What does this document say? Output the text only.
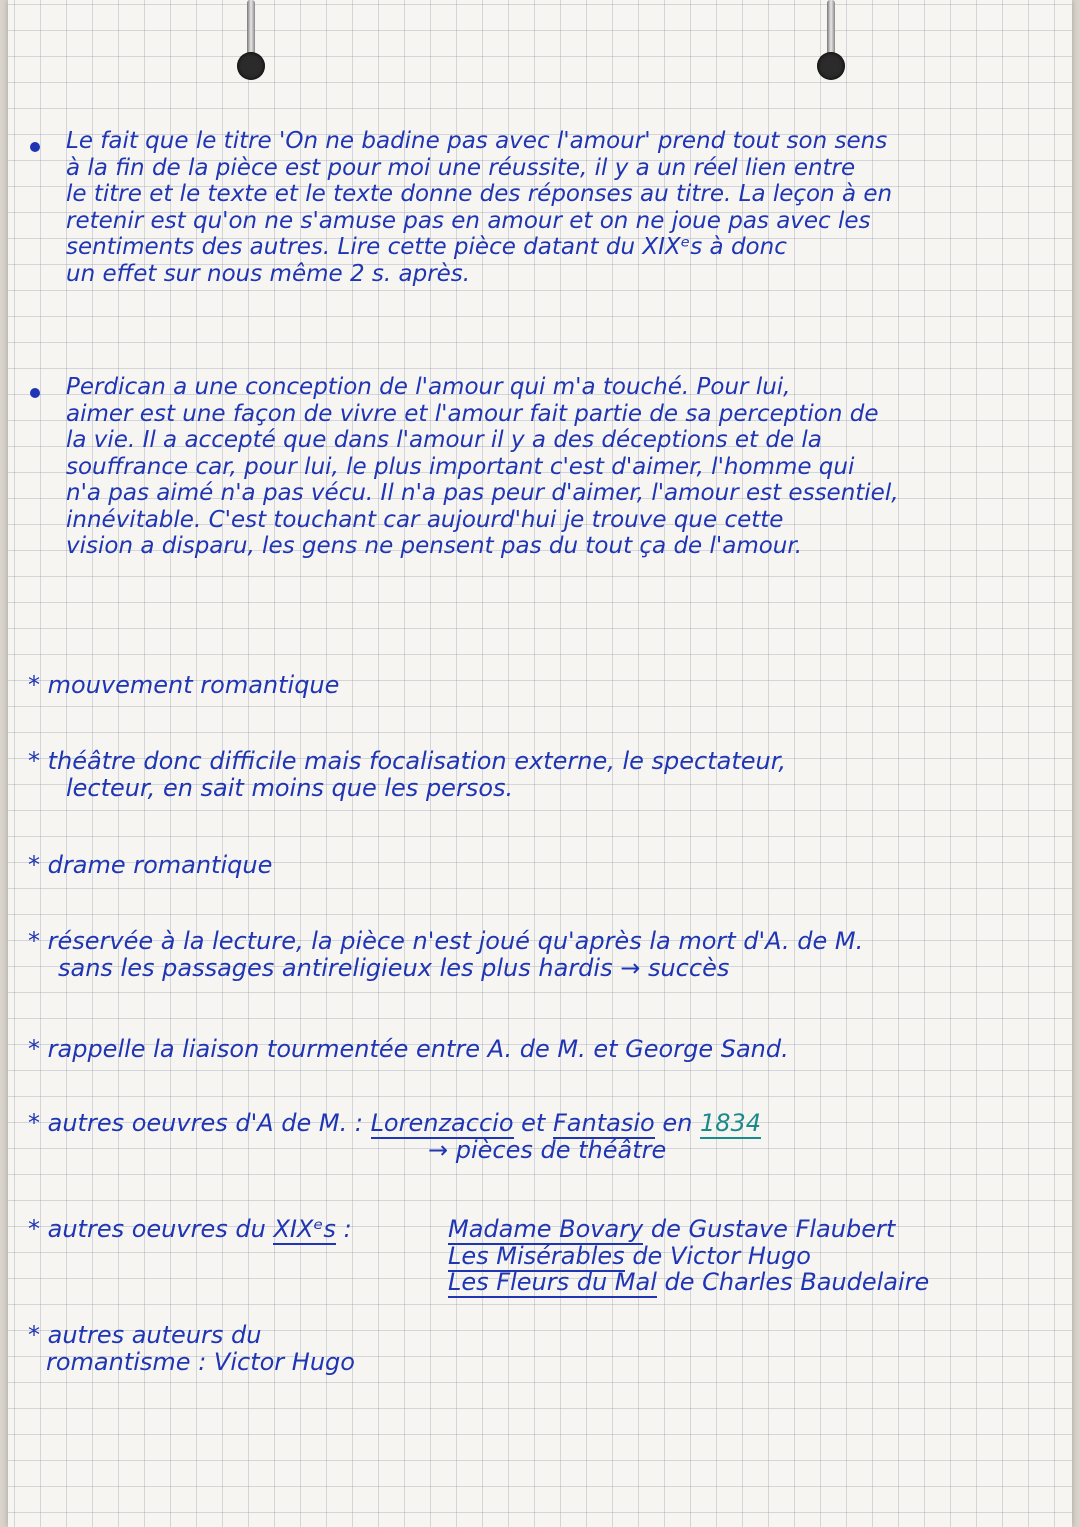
Le fait que le titre 'On ne badine pas avec l'amour' prend tout son sens
à la fin de la pièce est pour moi une réussite, il y a un réel lien entre
le titre et le texte et le texte donne des réponses au titre. La leçon à en
retenir est qu'on ne s'amuse pas en amour et on ne joue pas avec les
sentiments des autres. Lire cette pièce datant du XIXᵉs à donc
un effet sur nous même 2 s. après.
Perdican a une conception de l'amour qui m'a touché. Pour lui,
aimer est une façon de vivre et l'amour fait partie de sa perception de
la vie. Il a accepté que dans l'amour il y a des déceptions et de la
souffrance car, pour lui, le plus important c'est d'aimer, l'homme qui
n'a pas aimé n'a pas vécu. Il n'a pas peur d'aimer, l'amour est essentiel,
innévitable. C'est touchant car aujourd'hui je trouve que cette
vision a disparu, les gens ne pensent pas du tout ça de l'amour.
* mouvement romantique
* théâtre donc difficile mais focalisation externe, le spectateur,
lecteur, en sait moins que les persos.
* drame romantique
* réservée à la lecture, la pièce n'est joué qu'après la mort d'A. de M.
sans les passages antireligieux les plus hardis → succès
* rappelle la liaison tourmentée entre A. de M. et George Sand.
* autres oeuvres d'A de M. : Lorenzaccio et Fantasio en 1834
→ pièces de théâtre
* autres oeuvres du XIXᵉs :	Madame Bovary de Gustave Flaubert
Les Misérables de Victor Hugo
Les Fleurs du Mal de Charles Baudelaire
* autres auteurs du
romantisme : Victor Hugo
